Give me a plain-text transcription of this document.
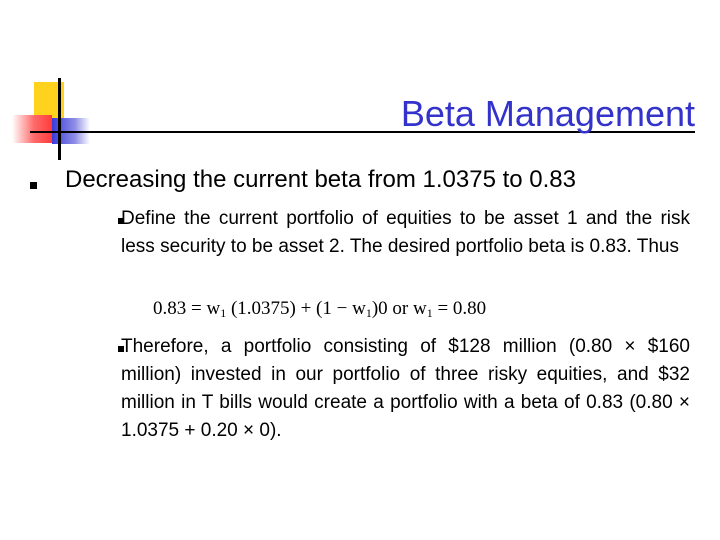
Beta Management
Decreasing the current beta from 1.0375 to 0.83
Define the current portfolio of equities to be asset 1 and the risk less security to be asset 2. The desired portfolio beta is 0.83. Thus
$0.83 = w_1$ $(1.0375) + (1 - w_1)0$ or $w_1 = 0.80$
Therefore, a portfolio consisting of $128 million (0.80 × $160 million) invested in our portfolio of three risky equities, and $32 million in T bills would create a portfolio with a beta of 0.83 (0.80 × 1.0375 + 0.20 × 0).
